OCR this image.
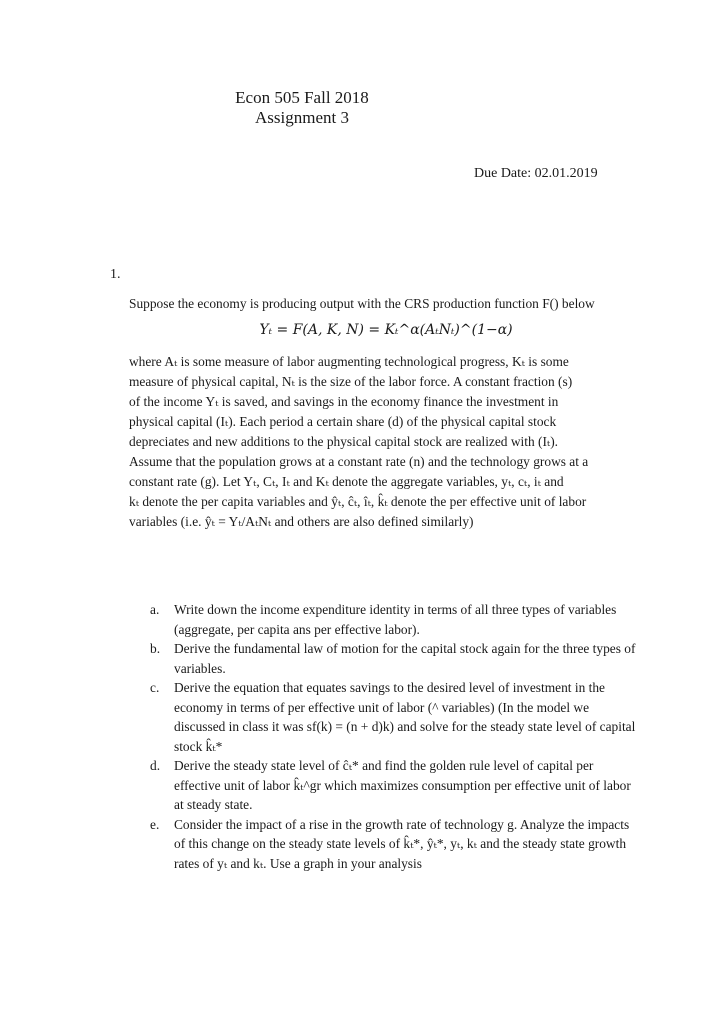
Econ 505 Fall 2018
Assignment 3
Due Date: 02.01.2019
1.
Suppose the economy is producing output with the CRS production function F() below
Yₜ = F(A, K, N) = Kₜ^α(AₜNₜ)^(1−α)
where Aₜ is some measure of labor augmenting technological progress, Kₜ is some
measure of physical capital, Nₜ is the size of the labor force. A constant fraction (s)
of the income Yₜ is saved, and savings in the economy finance the investment in
physical capital (Iₜ). Each period a certain share (d) of the physical capital stock
depreciates and new additions to the physical capital stock are realized with (Iₜ).
Assume that the population grows at a constant rate (n) and the technology grows at a
constant rate (g). Let Yₜ, Cₜ, Iₜ and Kₜ denote the aggregate variables, yₜ, cₜ, iₜ and
kₜ denote the per capita variables and ŷₜ, ĉₜ, îₜ, k̂ₜ denote the per effective unit of labor
variables (i.e. ŷₜ = Yₜ/AₜNₜ and others are also defined similarly)
a. Write down the income expenditure identity in terms of all three types of variables (aggregate, per capita ans per effective labor).
b. Derive the fundamental law of motion for the capital stock again for the three types of variables.
c. Derive the equation that equates savings to the desired level of investment in the economy in terms of per effective unit of labor (^ variables) (In the model we discussed in class it was sf(k) = (n + d)k) and solve for the steady state level of capital stock k̂ₜ*
d. Derive the steady state level of ĉₜ* and find the golden rule level of capital per effective unit of labor k̂ₜ^gr which maximizes consumption per effective unit of labor at steady state.
e. Consider the impact of a rise in the growth rate of technology g. Analyze the impacts of this change on the steady state levels of k̂ₜ*, ŷₜ*, yₜ, kₜ and the steady state growth rates of yₜ and kₜ. Use a graph in your analysis
